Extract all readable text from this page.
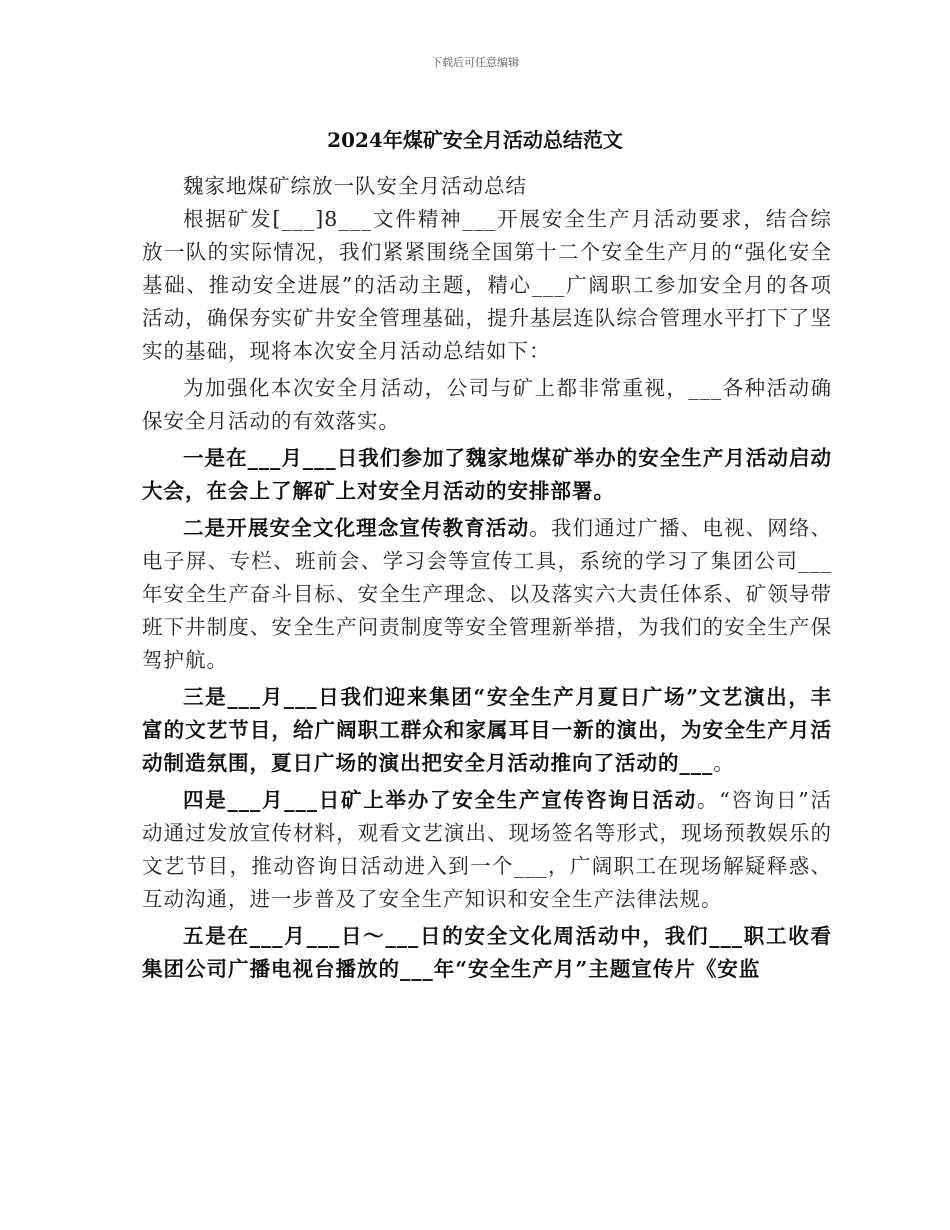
下载后可任意编辑
2024年煤矿安全月活动总结范文

魏家地煤矿综放一队安全月活动总结

根据矿发[___]8___文件精神___开展安全生产月活动要求，结合综放一队的实际情况，我们紧紧围绕全国第十二个安全生产月的“强化安全基础、推动安全进展”的活动主题，精心___广阔职工参加安全月的各项活动，确保夯实矿井安全管理基础，提升基层连队综合管理水平打下了坚实的基础，现将本次安全月活动总结如下：

为加强化本次安全月活动，公司与矿上都非常重视，___各种活动确保安全月活动的有效落实。

一是在___月___日我们参加了魏家地煤矿举办的安全生产月活动启动大会，在会上了解矿上对安全月活动的安排部署。

二是开展安全文化理念宣传教育活动。我们通过广播、电视、网络、电子屏、专栏、班前会、学习会等宣传工具，系统的学习了集团公司___年安全生产奋斗目标、安全生产理念、以及落实六大责任体系、矿领导带班下井制度、安全生产问责制度等安全管理新举措，为我们的安全生产保驾护航。

三是___月___日我们迎来集团“安全生产月夏日广场”文艺演出，丰富的文艺节目，给广阔职工群众和家属耳目一新的演出，为安全生产月活动制造氛围，夏日广场的演出把安全月活动推向了活动的___。

四是___月___日矿上举办了安全生产宣传咨询日活动。“咨询日”活动通过发放宣传材料，观看文艺演出、现场签名等形式，现场预教娱乐的文艺节目，推动咨询日活动进入到一个___，广阔职工在现场解疑释惑、互动沟通，进一步普及了安全生产知识和安全生产法律法规。

五是在___月___日～___日的安全文化周活动中，我们___职工收看集团公司广播电视台播放的___年“安全生产月”主题宣传片《安监
